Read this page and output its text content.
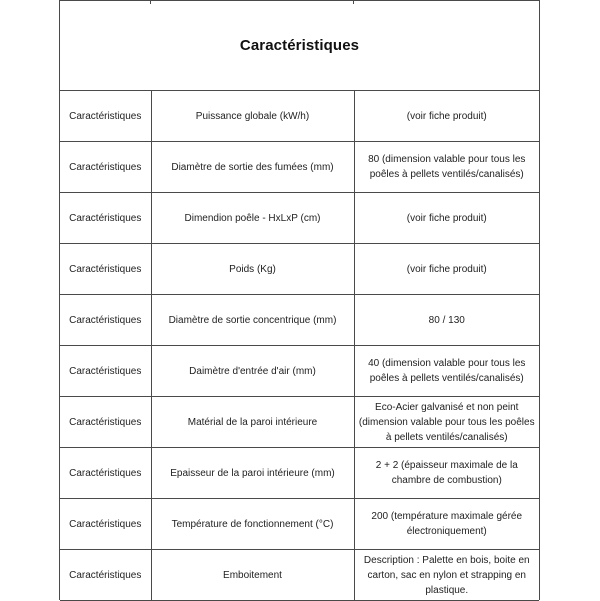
Caractéristiques
Caractéristiques	Puissance globale (kW/h)	(voir fiche produit)
Caractéristiques	Diamètre de sortie des fumées (mm)	80 (dimension valable pour tous les poêles à pellets ventilés/canalisés)
Caractéristiques	Dimendion poêle - HxLxP (cm)	(voir fiche produit)
Caractéristiques	Poids (Kg)	(voir fiche produit)
Caractéristiques	Diamètre de sortie concentrique (mm)	80 / 130
Caractéristiques	Daimètre d'entrée d'air (mm)	40 (dimension valable pour tous les poêles à pellets ventilés/canalisés)
Caractéristiques	Matérial de la paroi intérieure	Eco-Acier galvanisé et non peint (dimension valable pour tous les poêles à pellets ventilés/canalisés)
Caractéristiques	Epaisseur de la paroi intérieure (mm)	2 + 2 (épaisseur maximale de la chambre de combustion)
Caractéristiques	Température de fonctionnement (°C)	200 (température maximale gérée électroniquement)
Caractéristiques	Emboitement	Description : Palette en bois, boite en carton, sac en nylon et strapping en plastique.
